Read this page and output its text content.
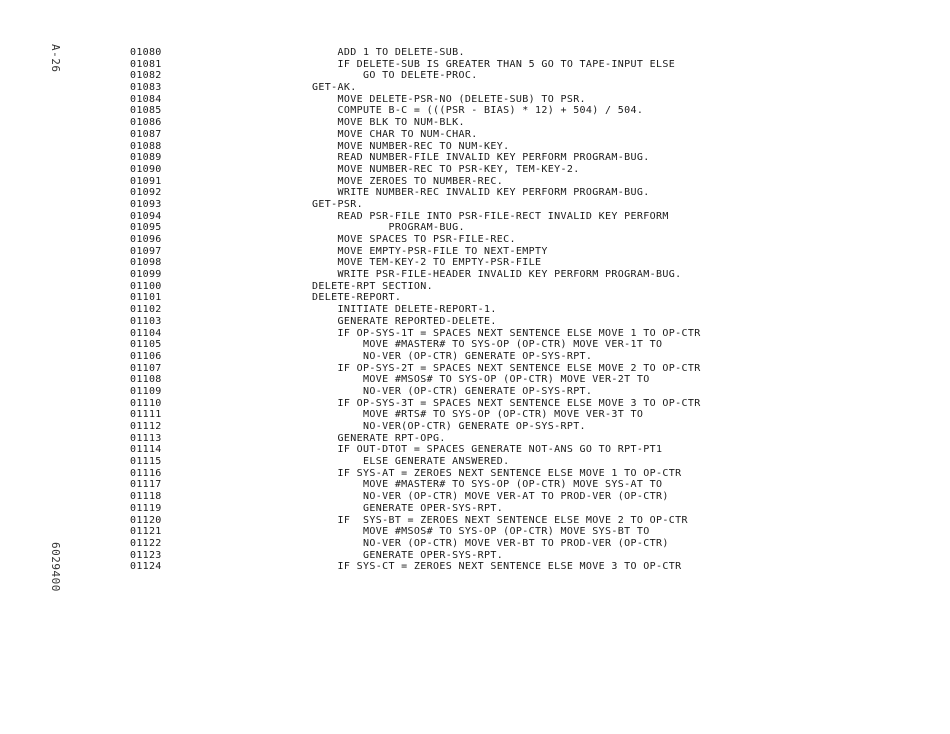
A-26
6029400
01080	ADD 1 TO DELETE-SUB.
01081	IF DELETE-SUB IS GREATER THAN 5 GO TO TAPE-INPUT ELSE
01082	GO TO DELETE-PROC.
01083	GET-AK.
01084	MOVE DELETE-PSR-NO (DELETE-SUB) TO PSR.
01085	COMPUTE B-C = (((PSR - BIAS) * 12) + 504) / 504.
01086	MOVE BLK TO NUM-BLK.
01087	MOVE CHAR TO NUM-CHAR.
01088	MOVE NUMBER-REC TO NUM-KEY.
01089	READ NUMBER-FILE INVALID KEY PERFORM PROGRAM-BUG.
01090	MOVE NUMBER-REC TO PSR-KEY, TEM-KEY-2.
01091	MOVE ZEROES TO NUMBER-REC.
01092	WRITE NUMBER-REC INVALID KEY PERFORM PROGRAM-BUG.
01093	GET-PSR.
01094	READ PSR-FILE INTO PSR-FILE-RECT INVALID KEY PERFORM
01095	PROGRAM-BUG.
01096	MOVE SPACES TO PSR-FILE-REC.
01097	MOVE EMPTY-PSR-FILE TO NEXT-EMPTY
01098	MOVE TEM-KEY-2 TO EMPTY-PSR-FILE
01099	WRITE PSR-FILE-HEADER INVALID KEY PERFORM PROGRAM-BUG.
01100	DELETE-RPT SECTION.
01101	DELETE-REPORT.
01102	INITIATE DELETE-REPORT-1.
01103	GENERATE REPORTED-DELETE.
01104	IF OP-SYS-1T = SPACES NEXT SENTENCE ELSE MOVE 1 TO OP-CTR
01105	MOVE #MASTER# TO SYS-OP (OP-CTR) MOVE VER-1T TO
01106	NO-VER (OP-CTR) GENERATE OP-SYS-RPT.
01107	IF OP-SYS-2T = SPACES NEXT SENTENCE ELSE MOVE 2 TO OP-CTR
01108	MOVE #MSOS# TO SYS-OP (OP-CTR) MOVE VER-2T TO
01109	NO-VER (OP-CTR) GENERATE OP-SYS-RPT.
01110	IF OP-SYS-3T = SPACES NEXT SENTENCE ELSE MOVE 3 TO OP-CTR
01111	MOVE #RTS# TO SYS-OP (OP-CTR) MOVE VER-3T TO
01112	NO-VER(OP-CTR) GENERATE OP-SYS-RPT.
01113	GENERATE RPT-OPG.
01114	IF OUT-DTOT = SPACES GENERATE NOT-ANS GO TO RPT-PT1
01115	ELSE GENERATE ANSWERED.
01116	IF SYS-AT = ZEROES NEXT SENTENCE ELSE MOVE 1 TO OP-CTR
01117	MOVE #MASTER# TO SYS-OP (OP-CTR) MOVE SYS-AT TO
01118	NO-VER (OP-CTR) MOVE VER-AT TO PROD-VER (OP-CTR)
01119	GENERATE OPER-SYS-RPT.
01120	IF  SYS-BT = ZEROES NEXT SENTENCE ELSE MOVE 2 TO OP-CTR
01121	MOVE #MSOS# TO SYS-OP (OP-CTR) MOVE SYS-BT TO
01122	NO-VER (OP-CTR) MOVE VER-BT TO PROD-VER (OP-CTR)
01123	GENERATE OPER-SYS-RPT.
01124	IF SYS-CT = ZEROES NEXT SENTENCE ELSE MOVE 3 TO OP-CTR
